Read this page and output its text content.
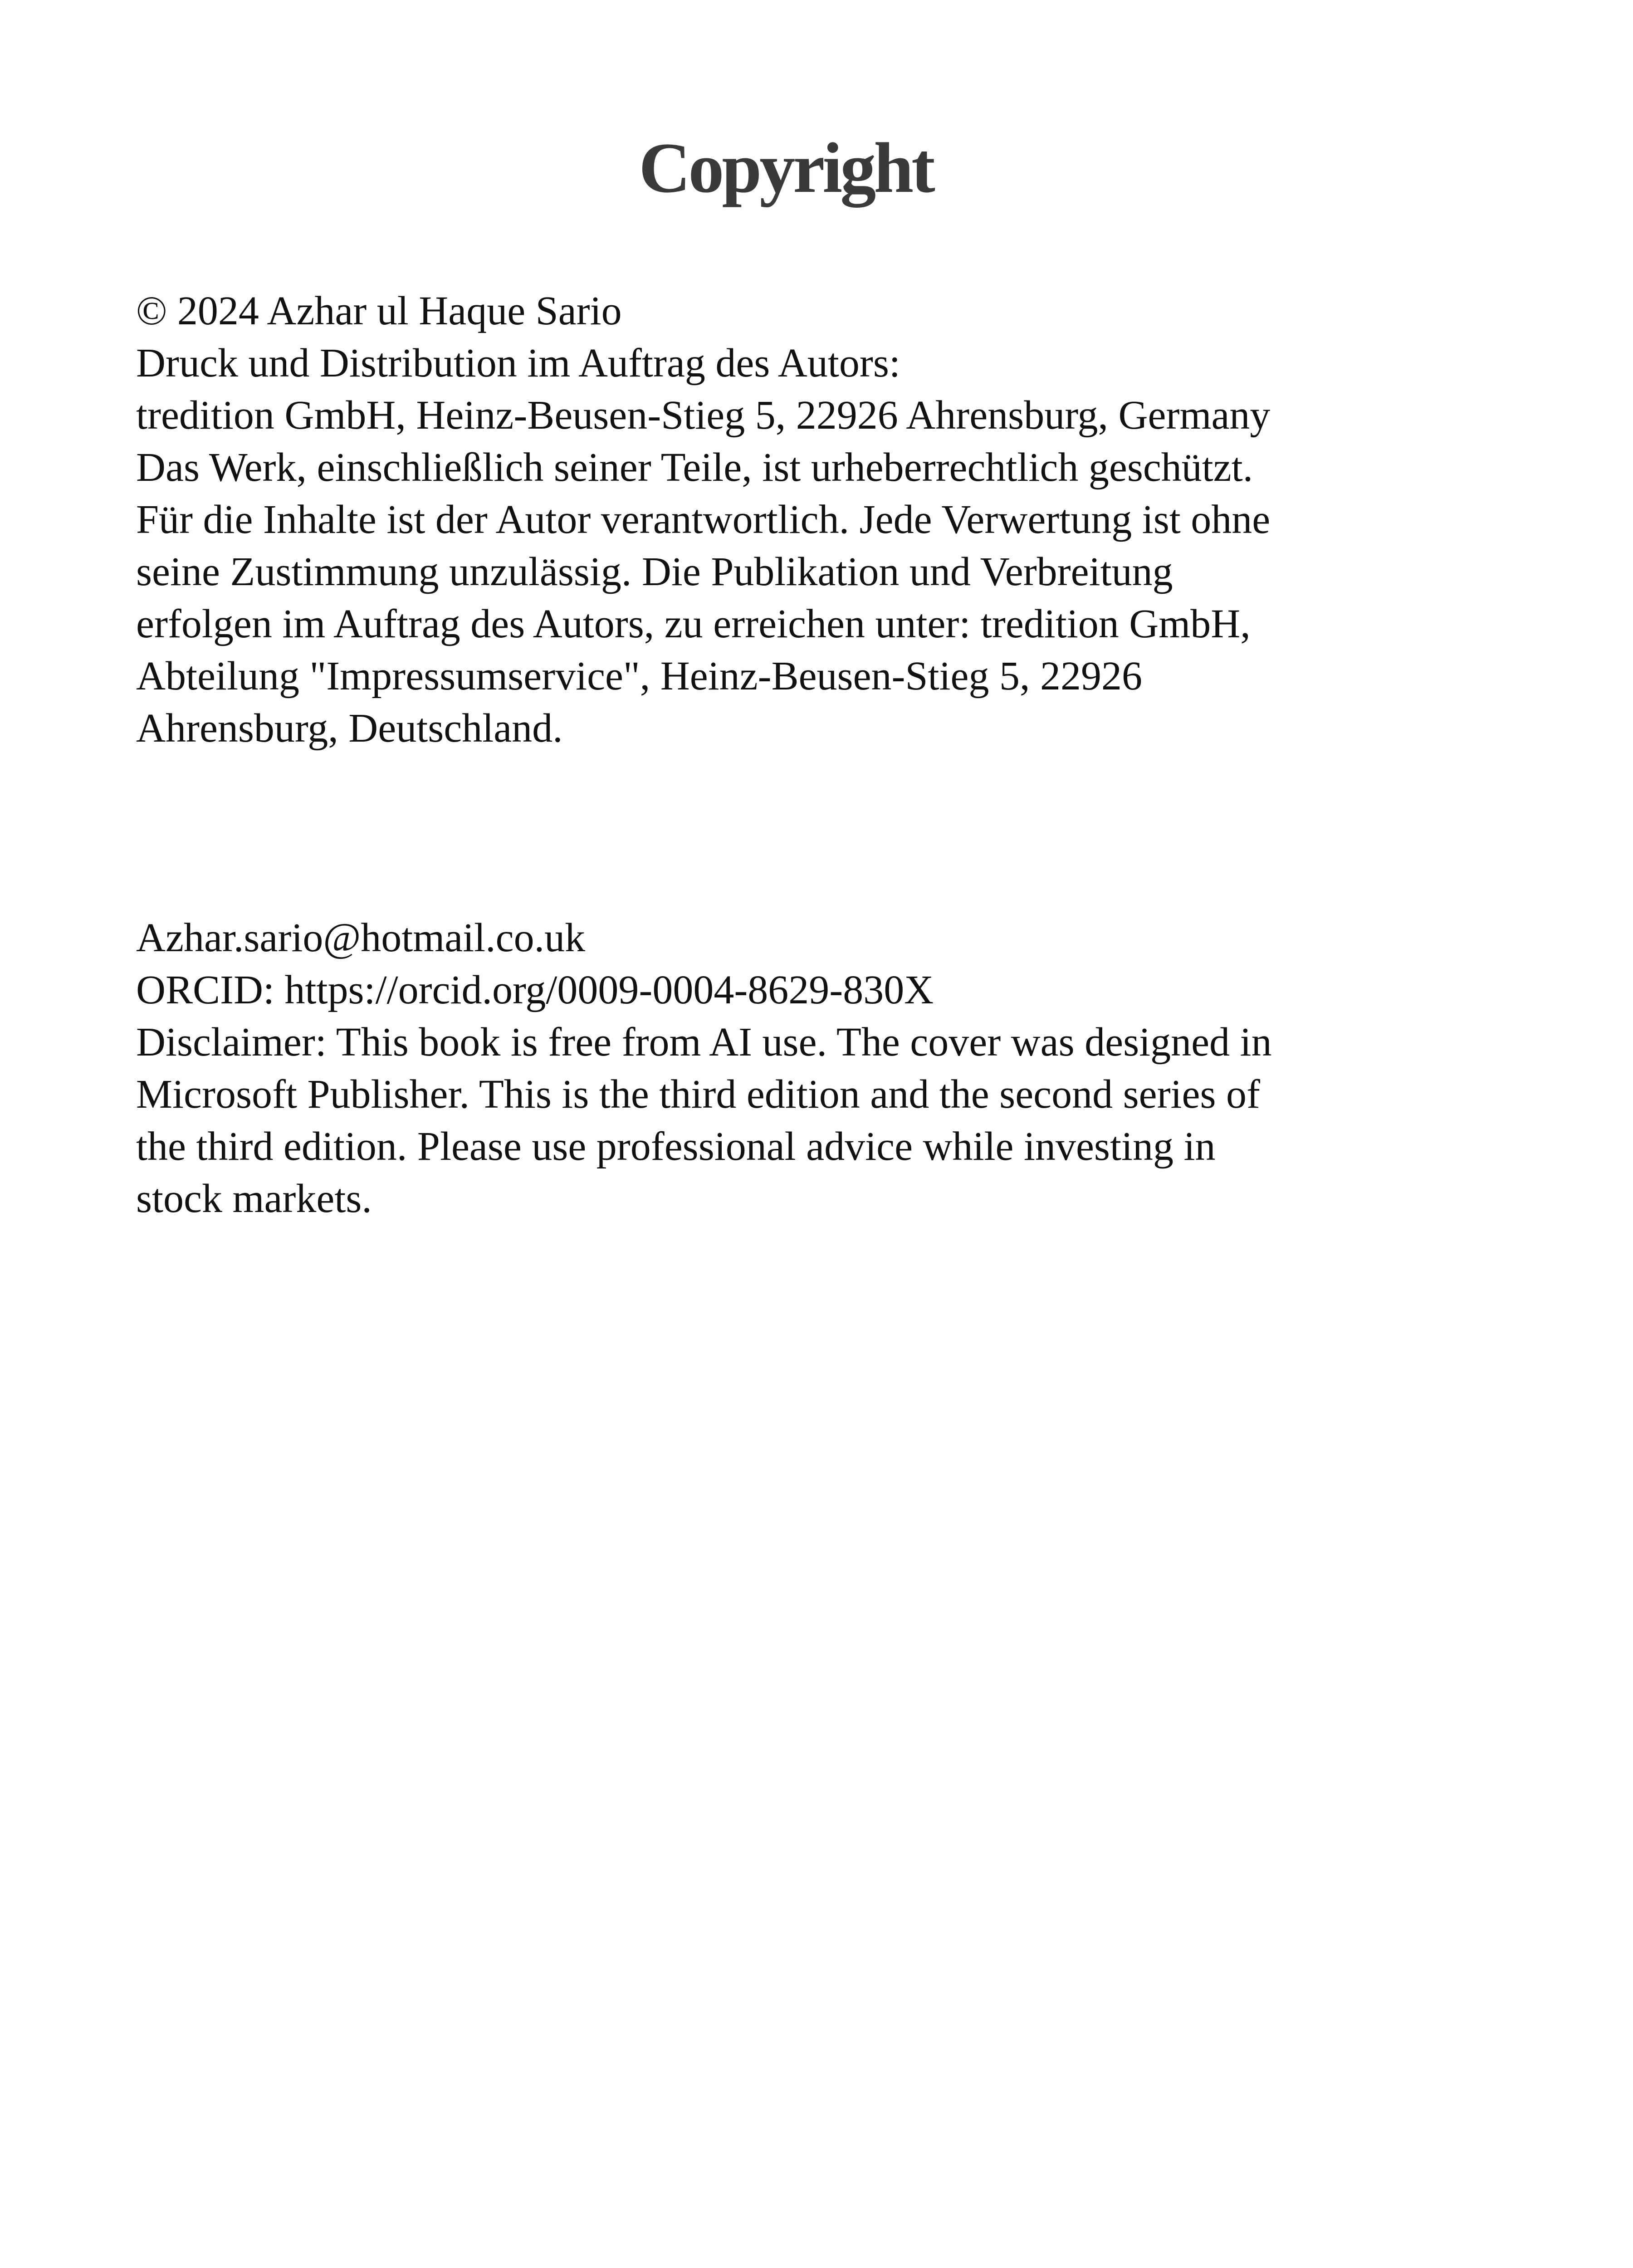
Copyright
© 2024 Azhar ul Haque Sario
Druck und Distribution im Auftrag des Autors:
tredition GmbH, Heinz-Beusen-Stieg 5, 22926 Ahrensburg, Germany
Das Werk, einschließlich seiner Teile, ist urheberrechtlich geschützt.
Für die Inhalte ist der Autor verantwortlich. Jede Verwertung ist ohne
seine Zustimmung unzulässig. Die Publikation und Verbreitung
erfolgen im Auftrag des Autors, zu erreichen unter: tredition GmbH,
Abteilung "Impressumservice", Heinz-Beusen-Stieg 5, 22926
Ahrensburg, Deutschland.
Azhar.sario@hotmail.co.uk
ORCID: https://orcid.org/0009-0004-8629-830X
Disclaimer: This book is free from AI use. The cover was designed in
Microsoft Publisher. This is the third edition and the second series of
the third edition. Please use professional advice while investing in
stock markets.
